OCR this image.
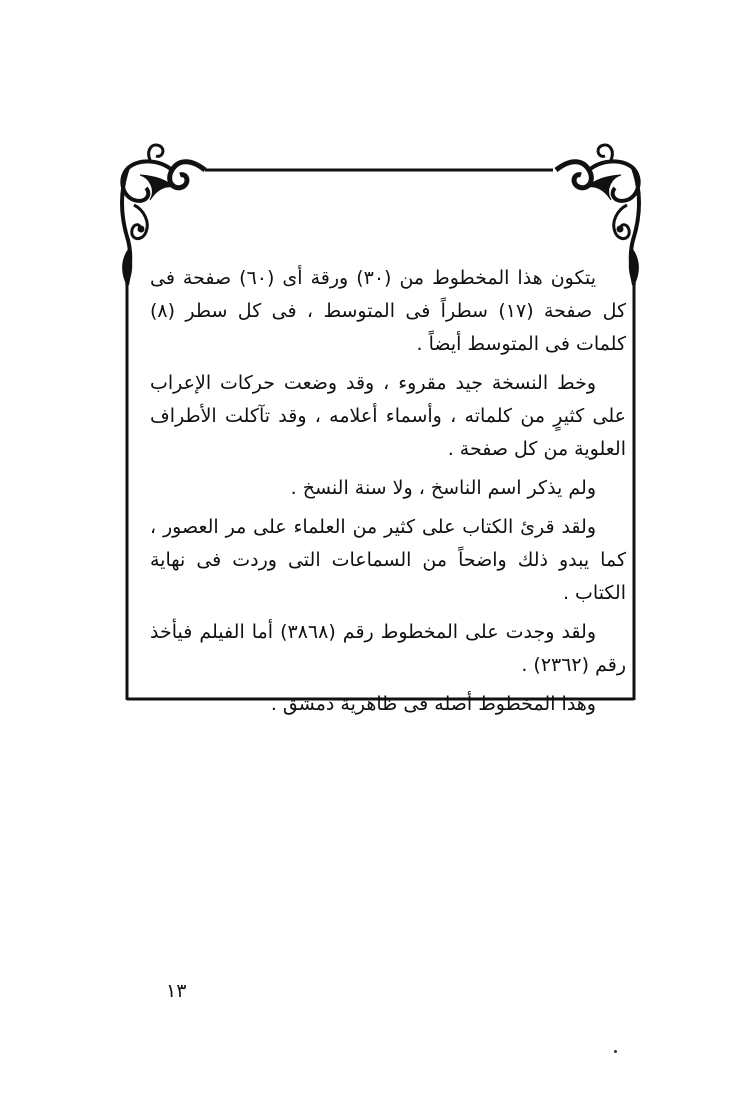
يتكون هذا المخطوط من (٣٠) ورقة أى (٦٠) صفحة فى كل صفحة (١٧) سطراً فى المتوسط ، فى كل سطر (٨) كلمات فى المتوسط أيضاً .

وخط النسخة جيد مقروء ، وقد وضعت حركات الإعراب على كثيرٍ من كلماته ، وأسماء أعلامه ، وقد تآكلت الأطراف العلوية من كل صفحة .

ولم يذكر اسم الناسخ ، ولا سنة النسخ .

ولقد قرئ الكتاب على كثير من العلماء على مر العصور ، كما يبدو ذلك واضحاً من السماعات التى وردت فى نهاية الكتاب .

ولقد وجدت على المخطوط رقم (٣٨٦٨) أما الفيلم فيأخذ رقم (٢٣٦٢) .

وهذا المخطوط أصله فى ظاهرية دمشق .

١٣
